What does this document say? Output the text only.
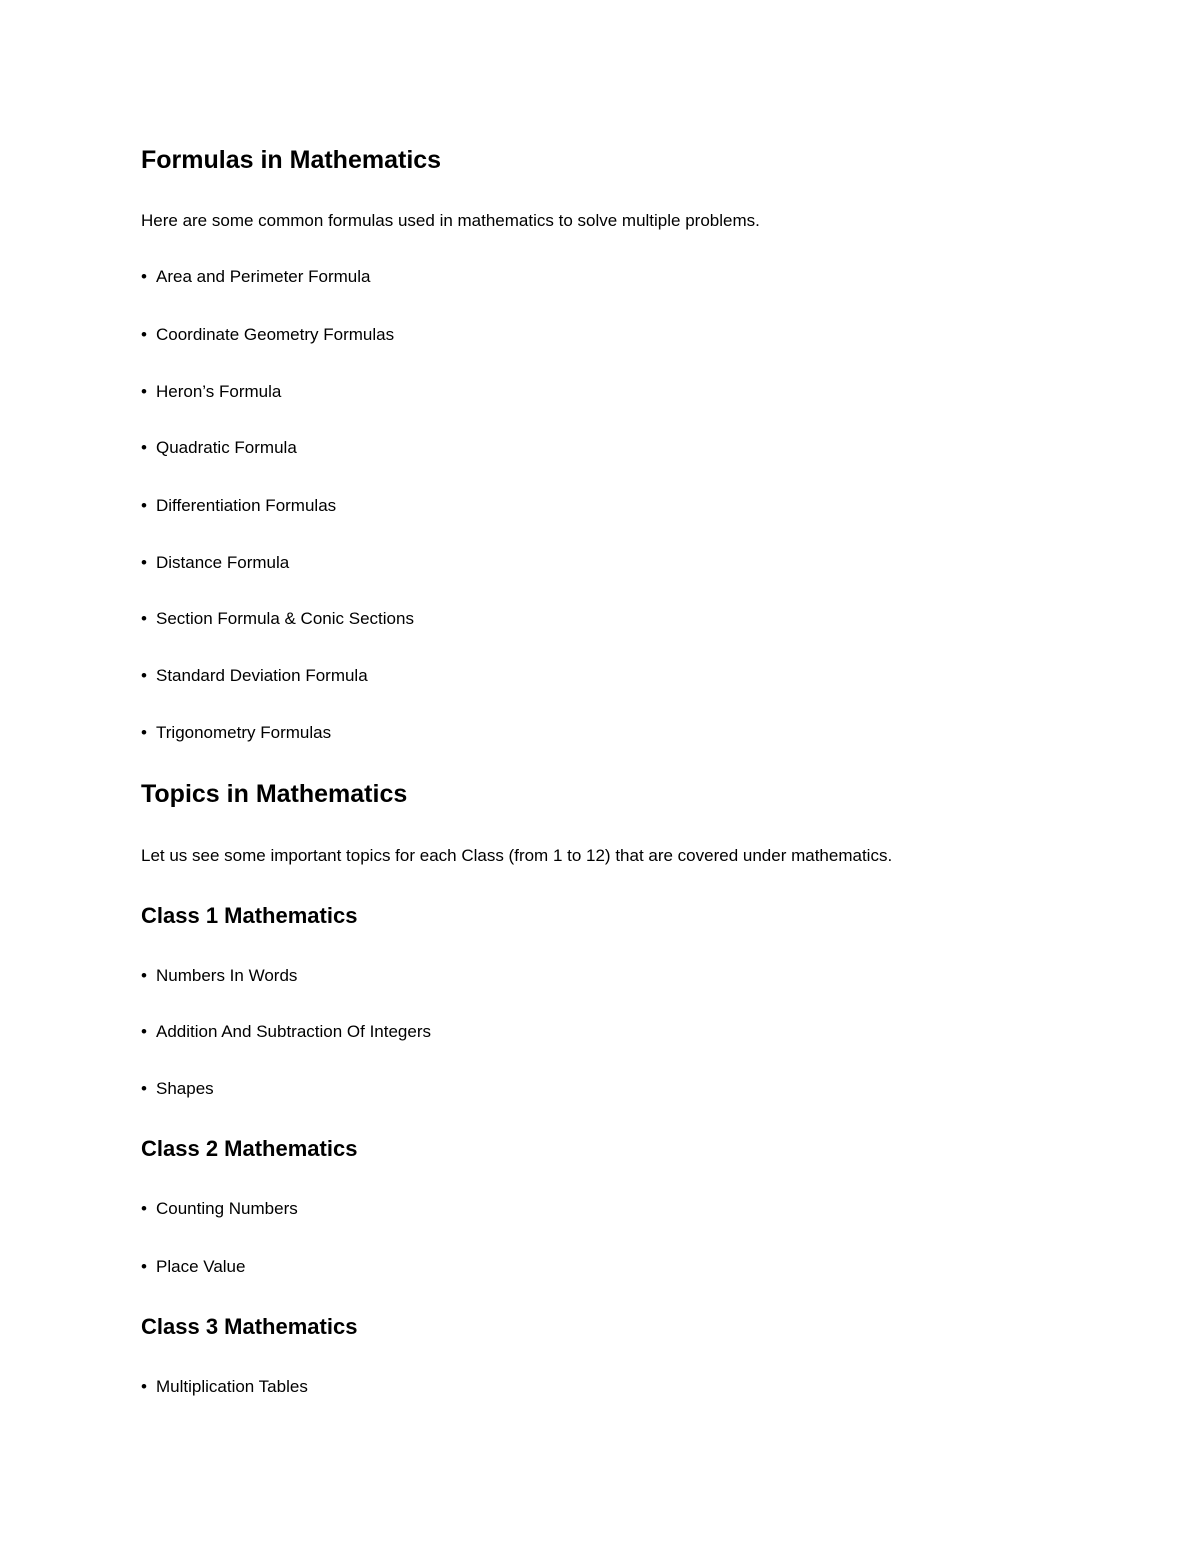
Formulas in Mathematics
Here are some common formulas used in mathematics to solve multiple problems.
• Area and Perimeter Formula
• Coordinate Geometry Formulas
• Heron’s Formula
• Quadratic Formula
• Differentiation Formulas
• Distance Formula
• Section Formula & Conic Sections
• Standard Deviation Formula
• Trigonometry Formulas
Topics in Mathematics
Let us see some important topics for each Class (from 1 to 12) that are covered under mathematics.
Class 1 Mathematics
• Numbers In Words
• Addition And Subtraction Of Integers
• Shapes
Class 2 Mathematics
• Counting Numbers
• Place Value
Class 3 Mathematics
• Multiplication Tables
